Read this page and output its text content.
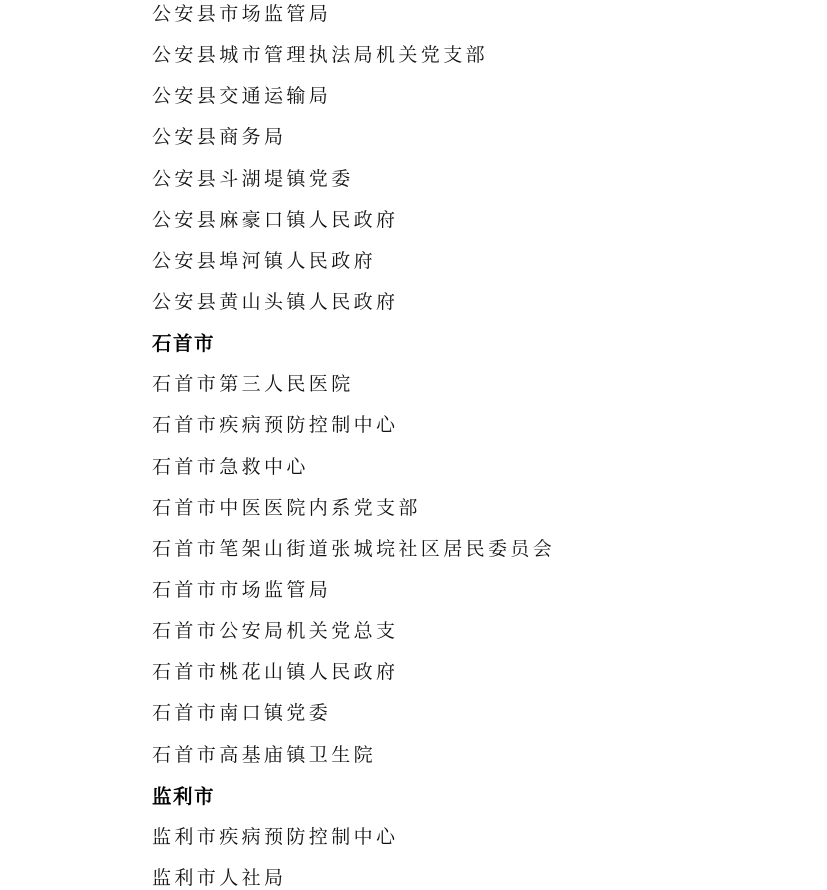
公安县市场监管局
公安县城市管理执法局机关党支部
公安县交通运输局
公安县商务局
公安县斗湖堤镇党委
公安县麻豪口镇人民政府
公安县埠河镇人民政府
公安县黄山头镇人民政府
石首市
石首市第三人民医院
石首市疾病预防控制中心
石首市急救中心
石首市中医医院内系党支部
石首市笔架山街道张城垸社区居民委员会
石首市市场监管局
石首市公安局机关党总支
石首市桃花山镇人民政府
石首市南口镇党委
石首市高基庙镇卫生院
监利市
监利市疾病预防控制中心
监利市人社局
